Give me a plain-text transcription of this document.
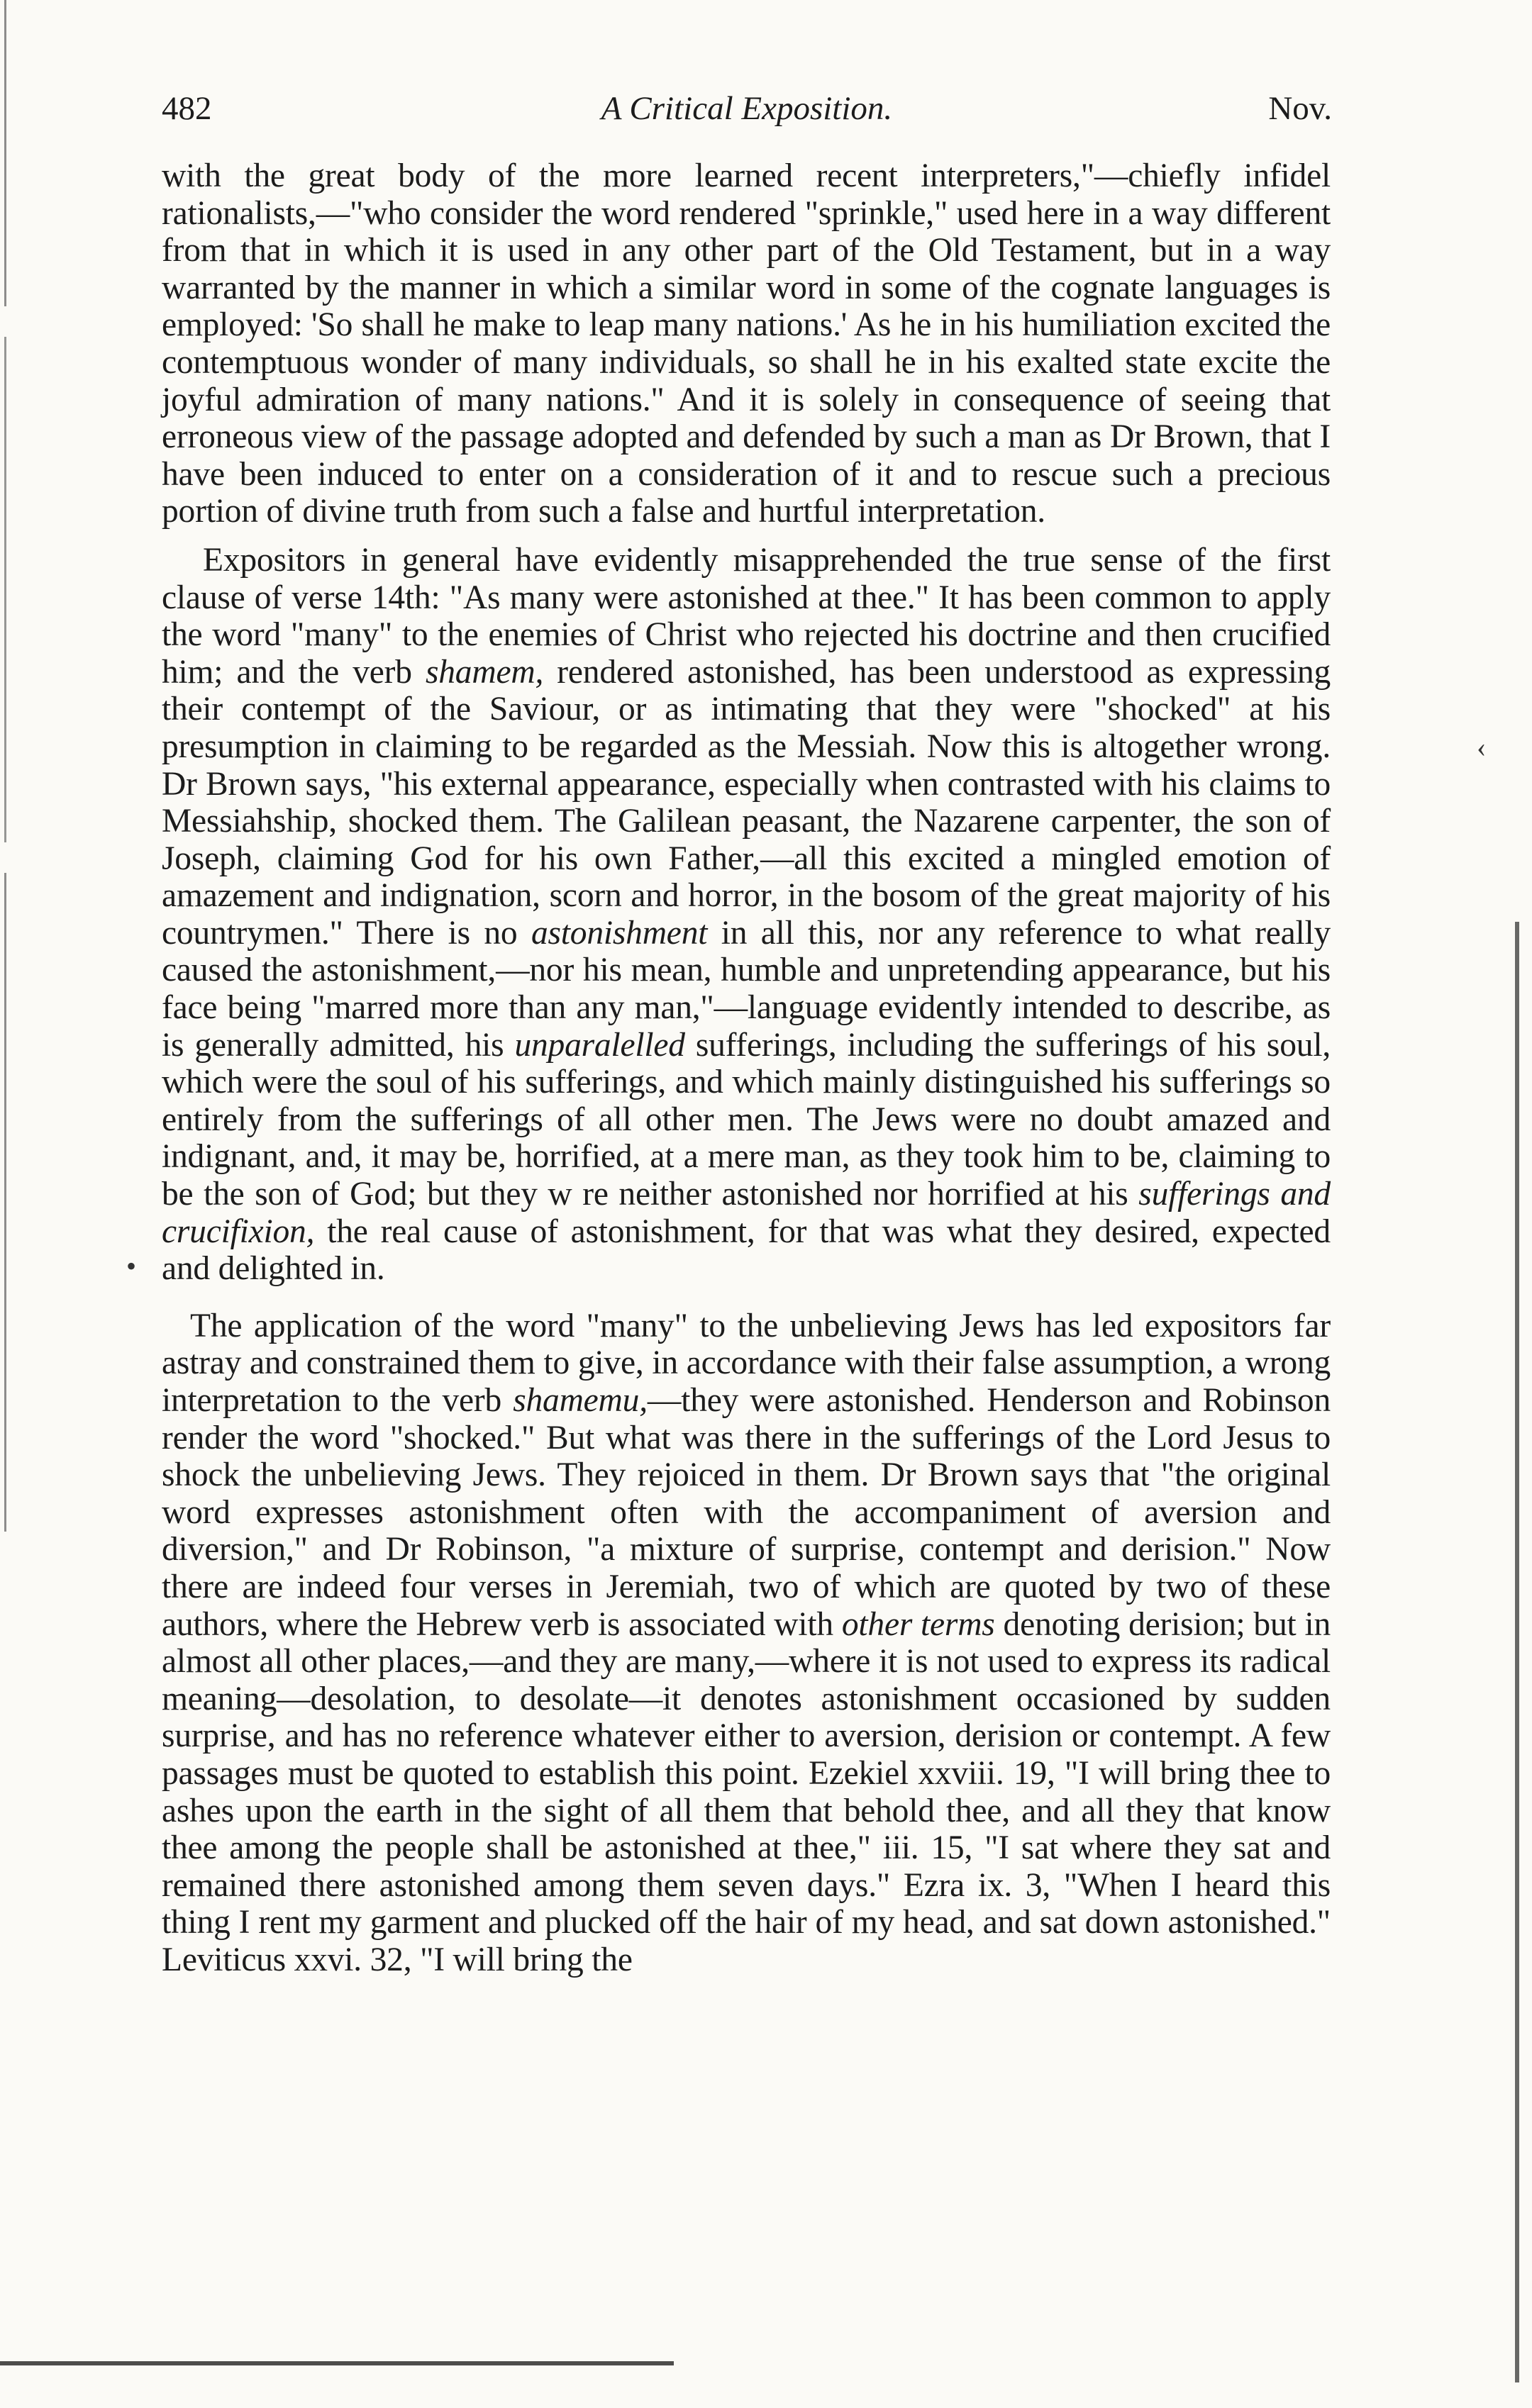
‹
•
482	A Critical Exposition.	Nov.

with the great body of the more learned recent interpreters,"—chiefly infidel rationalists,—"who consider the word rendered "sprinkle," used here in a way different from that in which it is used in any other part of the Old Testament, but in a way warranted by the manner in which a similar word in some of the cognate languages is employed: 'So shall he make to leap many nations.' As he in his humiliation excited the contemptuous wonder of many individuals, so shall he in his exalted state excite the joyful admiration of many nations." And it is solely in consequence of seeing that erroneous view of the passage adopted and defended by such a man as Dr Brown, that I have been induced to enter on a consideration of it and to rescue such a precious portion of divine truth from such a false and hurtful interpretation.

Expositors in general have evidently misapprehended the true sense of the first clause of verse 14th: "As many were astonished at thee." It has been common to apply the word "many" to the enemies of Christ who rejected his doctrine and then crucified him; and the verb shamem, rendered astonished, has been understood as expressing their contempt of the Saviour, or as intimating that they were "shocked" at his presumption in claiming to be regarded as the Messiah. Now this is altogether wrong. Dr Brown says, "his external appearance, especially when contrasted with his claims to Messiahship, shocked them. The Galilean peasant, the Nazarene carpenter, the son of Joseph, claiming God for his own Father,—all this excited a mingled emotion of amazement and indignation, scorn and horror, in the bosom of the great majority of his countrymen." There is no astonishment in all this, nor any reference to what really caused the astonishment,—nor his mean, humble and unpretending appearance, but his face being "marred more than any man,"—language evidently intended to describe, as is generally admitted, his unparalelled sufferings, including the sufferings of his soul, which were the soul of his sufferings, and which mainly distinguished his sufferings so entirely from the sufferings of all other men. The Jews were no doubt amazed and indignant, and, it may be, horrified, at a mere man, as they took him to be, claiming to be the son of God; but they w re neither astonished nor horrified at his sufferings and crucifixion, the real cause of astonishment, for that was what they desired, expected and delighted in.

The application of the word "many" to the unbelieving Jews has led expositors far astray and constrained them to give, in accordance with their false assumption, a wrong interpretation to the verb shamemu,—they were astonished. Henderson and Robinson render the word "shocked." But what was there in the sufferings of the Lord Jesus to shock the unbelieving Jews. They rejoiced in them. Dr Brown says that "the original word expresses astonishment often with the accompaniment of aversion and diversion," and Dr Robinson, "a mixture of surprise, contempt and derision." Now there are indeed four verses in Jeremiah, two of which are quoted by two of these authors, where the Hebrew verb is associated with other terms denoting derision; but in almost all other places,—and they are many,—where it is not used to express its radical meaning—desolation, to desolate—it denotes astonishment occasioned by sudden surprise, and has no reference whatever either to aversion, derision or contempt. A few passages must be quoted to establish this point. Ezekiel xxviii. 19, "I will bring thee to ashes upon the earth in the sight of all them that behold thee, and all they that know thee among the people shall be astonished at thee," iii. 15, "I sat where they sat and remained there astonished among them seven days." Ezra ix. 3, "When I heard this thing I rent my garment and plucked off the hair of my head, and sat down astonished." Leviticus xxvi. 32, "I will bring the
